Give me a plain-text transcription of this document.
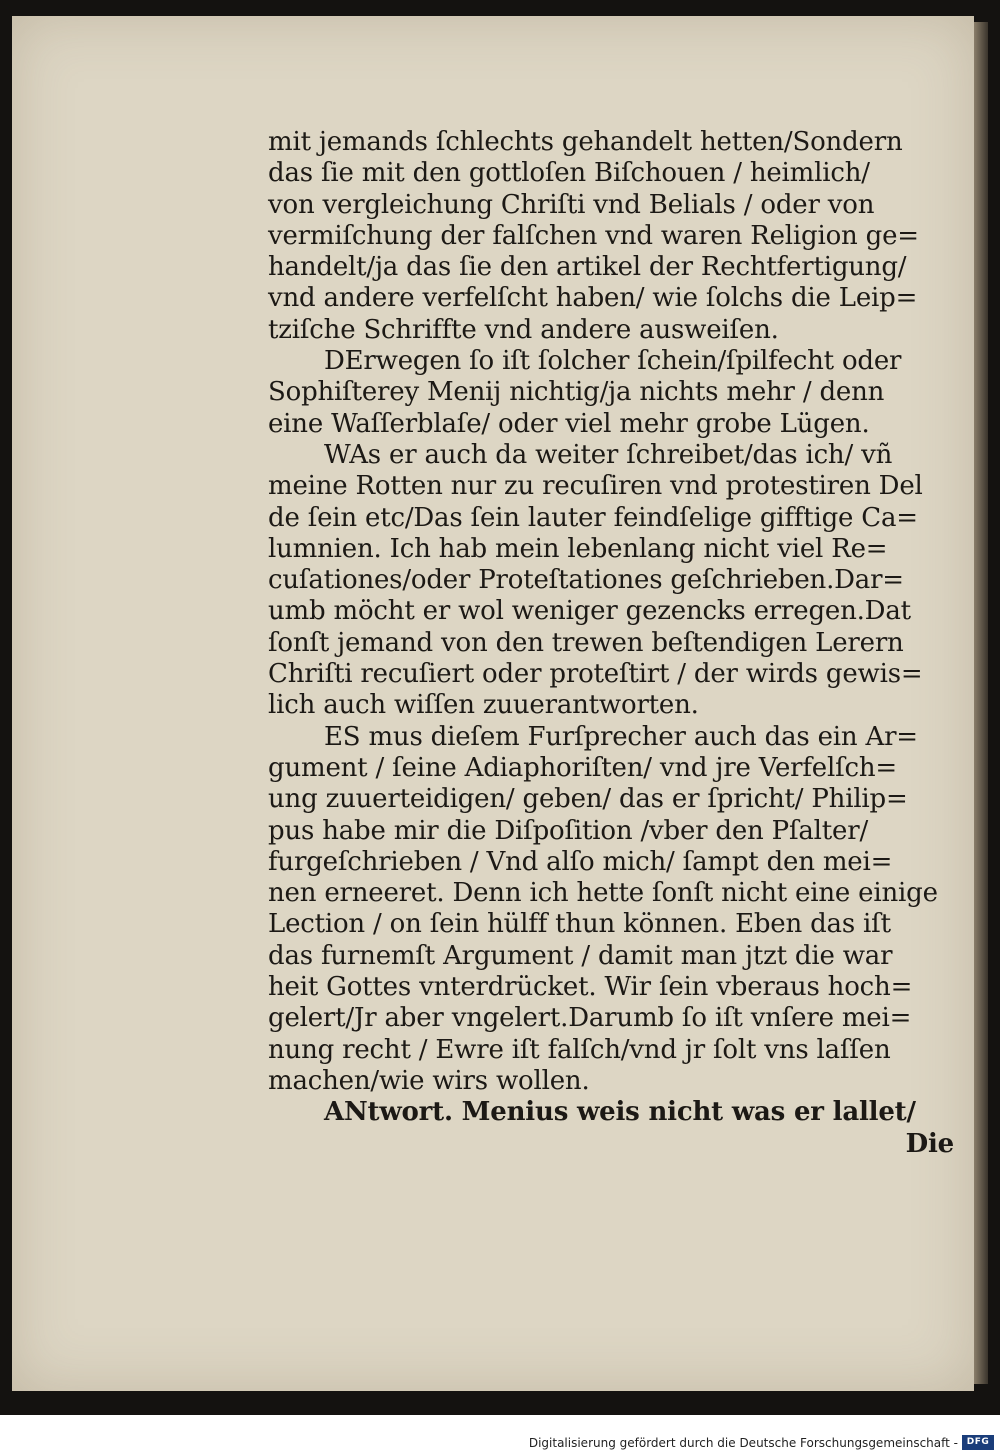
mit jemands ſchlechts gehandelt hetten/Sondern
das ſie mit den gottloſen Biſchouen / heimlich/
von vergleichung Chriſti vnd Belials / oder von
vermiſchung der falſchen vnd waren Religion ge=
handelt/ja das ſie den artikel der Rechtfertigung/
vnd andere verfelſcht haben/ wie ſolchs die Leip=
tziſche Schriffte vnd andere ausweiſen.
DErwegen ſo iſt ſolcher ſchein/ſpilfecht oder
Sophiſterey Menij nichtig/ja nichts mehr / denn
eine Waſſerblaſe/ oder viel mehr grobe Lügen.
WAs er auch da weiter ſchreibet/das ich/ vñ
meine Rotten nur zu recuſiren vnd protestiren Del
de ſein etc/Das ſein lauter feindſelige gifftige Ca=
lumnien. Ich hab mein lebenlang nicht viel Re=
cuſationes/oder Proteſtationes geſchrieben.Dar=
umb möcht er wol weniger gezencks erregen.Dat
ſonſt jemand von den trewen beſtendigen Lerern
Chriſti recuſiert oder proteſtirt / der wirds gewis=
lich auch wiſſen zuuerantworten.
ES mus dieſem Furſprecher auch das ein Ar=
gument / ſeine Adiaphoriſten/ vnd jre Verfelſch=
ung zuuerteidigen/ geben/ das er ſpricht/ Philip=
pus habe mir die Diſpoſition /vber den Pſalter/
furgeſchrieben / Vnd alſo mich/ ſampt den mei=
nen erneeret. Denn ich hette ſonſt nicht eine einige
Lection / on ſein hülff thun können. Eben das iſt
das furnemſt Argument / damit man jtzt die war
heit Gottes vnterdrücket. Wir ſein vberaus hoch=
gelert/Jr aber vngelert.Darumb ſo iſt vnſere mei=
nung recht / Ewre iſt falſch/vnd jr ſolt vns laſſen
machen/wie wirs wollen.
ANtwort. Menius weis nicht was er lallet/
Die
Digitalisierung gefördert durch die Deutsche Forschungsgemeinschaft - DFG
